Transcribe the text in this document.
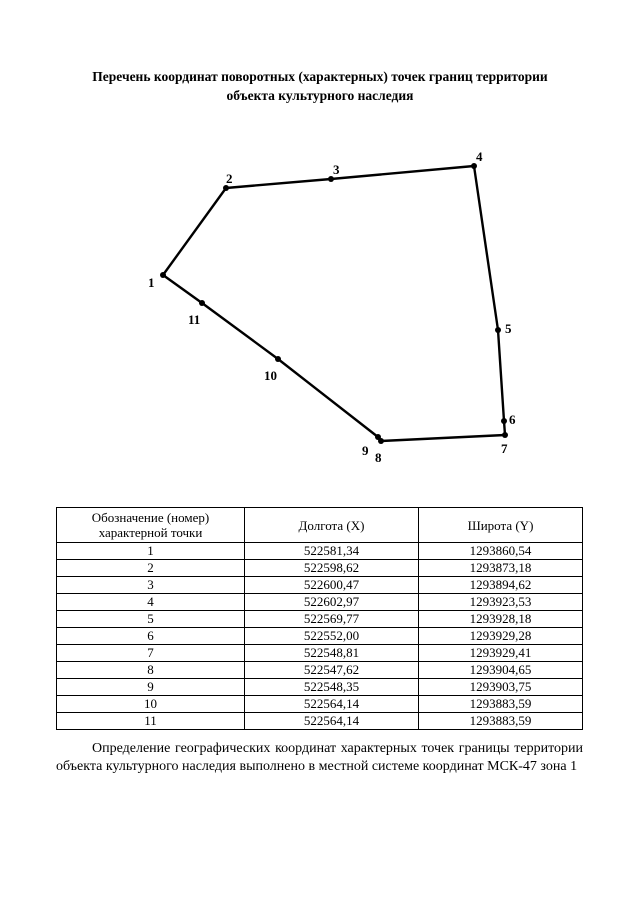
Перечень координат поворотных (характерных) точек границ территории
объекта культурного наследия
1
2
3
4
5
6
7
8
9
10
11
Обозначение (номер) характерной точки	Долгота (X)	Широта (Y)
1	522581,34	1293860,54
2	522598,62	1293873,18
3	522600,47	1293894,62
4	522602,97	1293923,53
5	522569,77	1293928,18
6	522552,00	1293929,28
7	522548,81	1293929,41
8	522547,62	1293904,65
9	522548,35	1293903,75
10	522564,14	1293883,59
11	522564,14	1293883,59
Определение географических координат характерных точек границы территории объекта культурного наследия выполнено в местной системе координат МСК-47 зона 1
